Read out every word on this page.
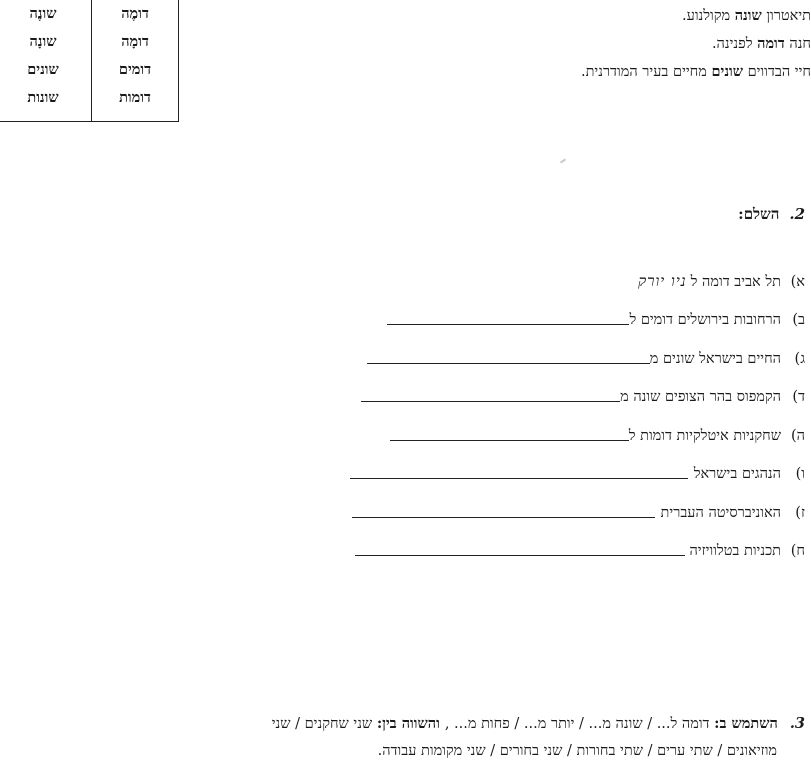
דומֶה
שונֶה
דומָה
שונָה
דומים
שונים
דומות
שונות

תיאטרון שונה מקולנוע.

חנה דומה לפנינה.

חיי הבדווים שונים מחיים בעיר המודרנית.

2.השלם:
א)
תל אביב דומה ל
ניו יורק
ב)
הרחובות בירושלים דומים ל
ג)
החיים בישראל שונים מ
ד)
הקמפוס בהר הצופים שונה מ
ה)
שחקניות איטלקיות דומות ל
ו)
הנהגים בישראל
ז)
האוניברסיטה העברית
ח)
תכניות בטלוויזיה
3.השתמש ב: דומה ל... / שונה מ... / יותר מ... / פחות מ... , והשווה בין: שני שחקנים / שני
מוזיאונים / שתי ערים / שתי בחורות / שני בחורים / שני מקומות עבודה.
